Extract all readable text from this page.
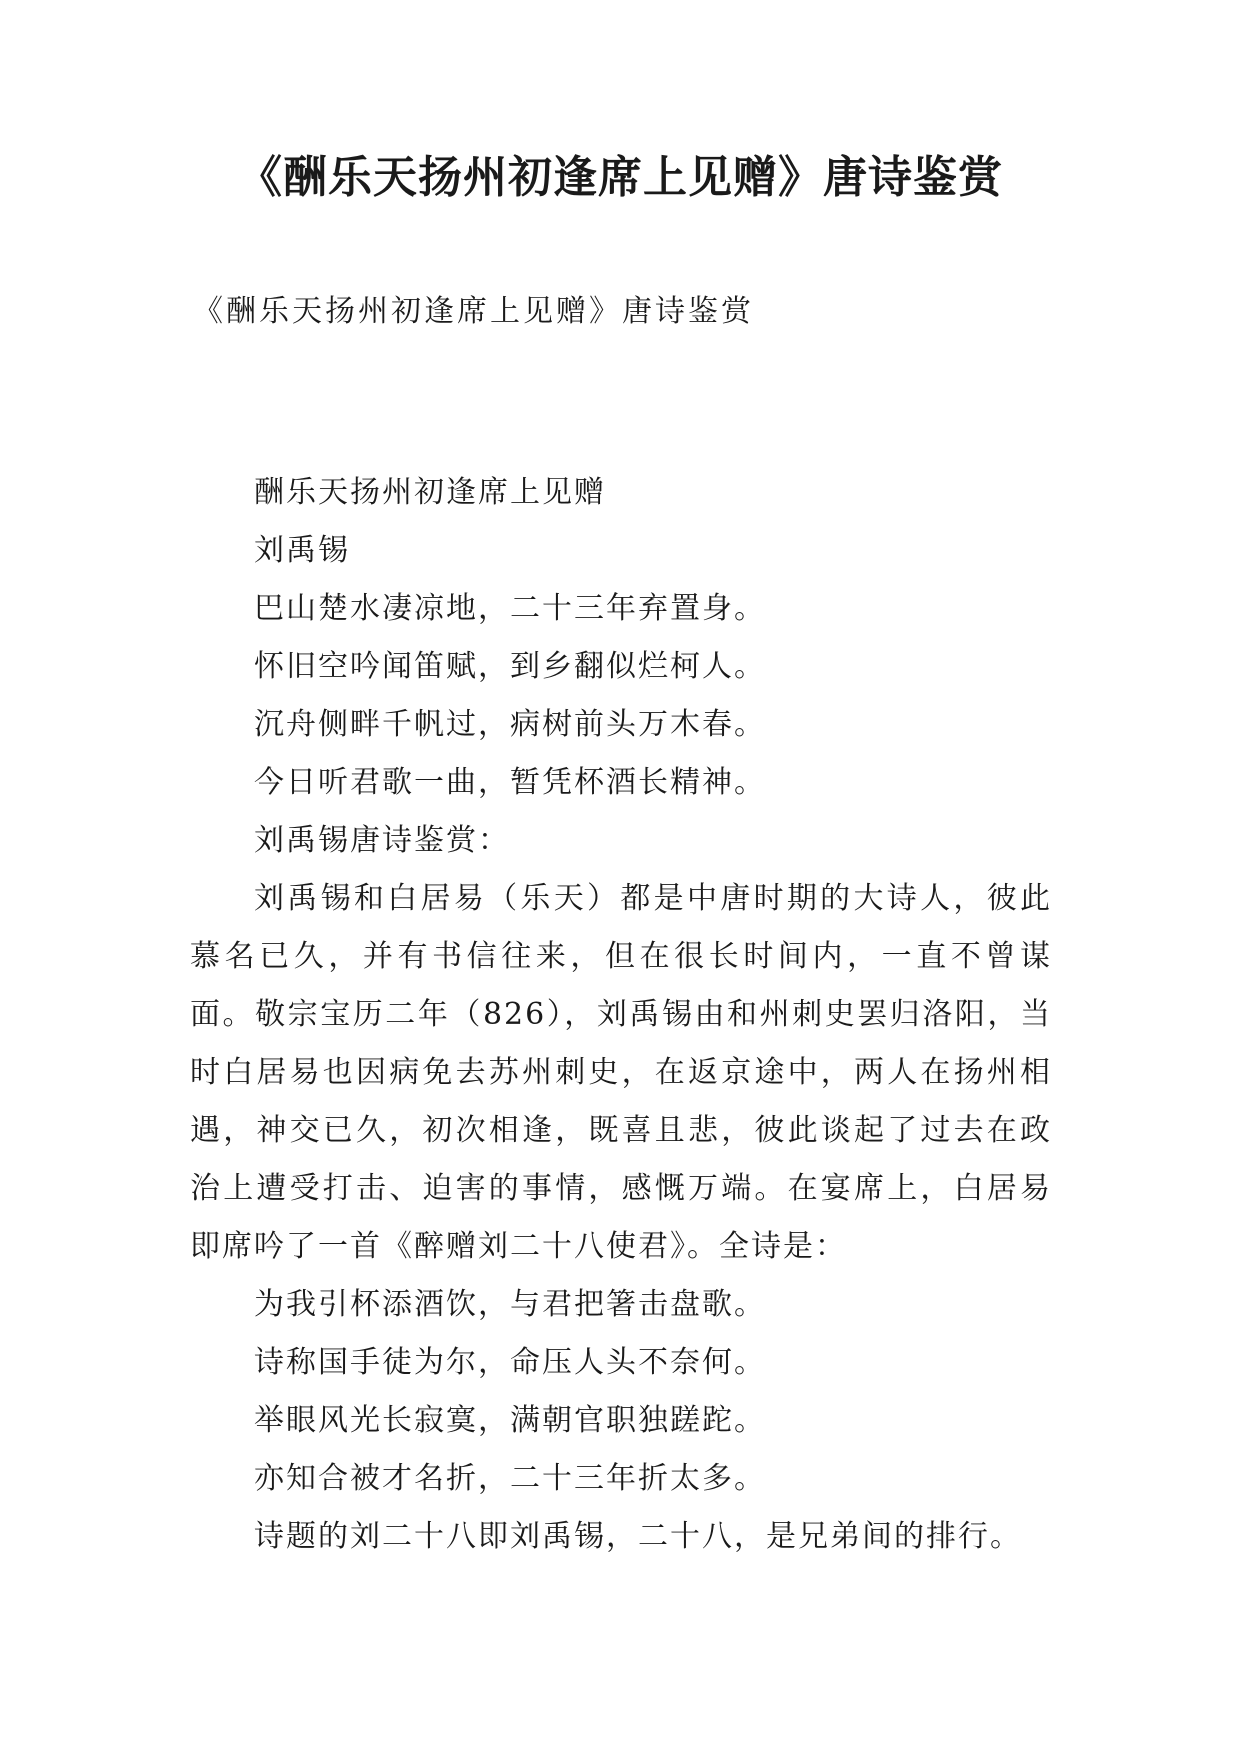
《酬乐天扬州初逢席上见赠》唐诗鉴赏

《酬乐天扬州初逢席上见赠》唐诗鉴赏

酬乐天扬州初逢席上见赠

刘禹锡

巴山楚水凄凉地，二十三年弃置身。

怀旧空吟闻笛赋，到乡翻似烂柯人。

沉舟侧畔千帆过，病树前头万木春。

今日听君歌一曲，暂凭杯酒长精神。

刘禹锡唐诗鉴赏：

刘禹锡和白居易（乐天）都是中唐时期的大诗人，彼此慕名已久，并有书信往来，但在很长时间内，一直不曾谋面。敬宗宝历二年（826），刘禹锡由和州刺史罢归洛阳，当时白居易也因病免去苏州刺史，在返京途中，两人在扬州相遇，神交已久，初次相逢，既喜且悲，彼此谈起了过去在政治上遭受打击、迫害的事情，感慨万端。在宴席上，白居易即席吟了一首《醉赠刘二十八使君》。全诗是：

为我引杯添酒饮，与君把箸击盘歌。

诗称国手徒为尔，命压人头不奈何。

举眼风光长寂寞，满朝官职独蹉跎。

亦知合被才名折，二十三年折太多。

诗题的刘二十八即刘禹锡，二十八，是兄弟间的排行。
